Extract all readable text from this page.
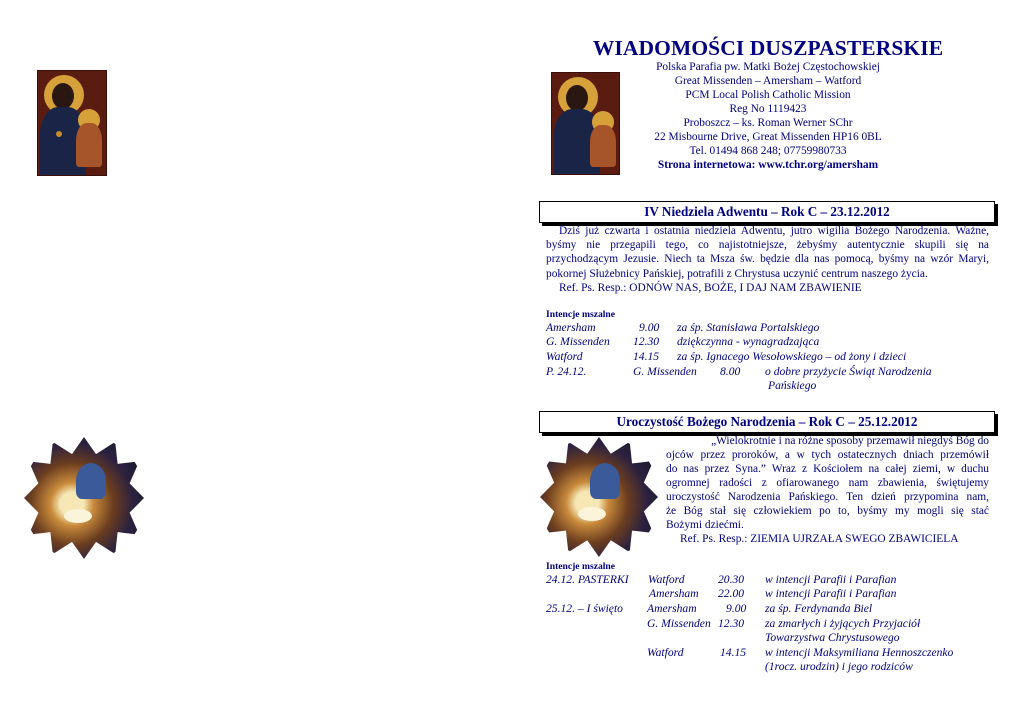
WIADOMOŚCI DUSZPASTERSKIE
Polska Parafia pw. Matki Bożej Częstochowskiej
Great Missenden – Amersham – Watford
PCM Local Polish Catholic Mission
Reg No 1119423
Proboszcz – ks. Roman Werner SChr
22 Misbourne Drive, Great Missenden HP16 0BL
Tel. 01494 868 248; 07759980733
Strona internetowa: www.tchr.org/amersham
IV Niedziela Adwentu – Rok C – 23.12.2012
Dziś już czwarta i ostatnia niedziela Adwentu, jutro wigilia Bożego Narodzenia. Ważne, byśmy nie przegapili tego, co najistotniejsze, żebyśmy autentycznie skupili się na przychodzącym Jezusie. Niech ta Msza św. będzie dla nas pomocą, byśmy na wzór Maryi, pokornej Służebnicy Pańskiej, potrafili z Chrystusa uczynić centrum naszego życia.
Ref. Ps. Resp.: ODNÓW NAS, BOŻE, I DAJ NAM ZBAWIENIE
Intencje mszalne
Amersham	9.00 za śp. Stanisława Portalskiego
G. Missenden 12.30 dziękczynna - wynagradzająca
Watford	14.15 za śp. Ignacego Wesołowskiego – od żony i dzieci
P. 24.12.	G. Missenden 8.00 o dobre przyżycie Świąt Narodzenia
Pańskiego
Uroczystość Bożego Narodzenia – Rok C – 25.12.2012
„Wielokrotnie i na różne sposoby przemawił niegdyś Bóg do
ojców przez proroków, a w tych ostatecznych dniach przemówił
do nas przez Syna.” Wraz z Kościołem na całej ziemi, w duchu
ogromnej radości z ofiarowanego nam zbawienia, świętujemy
uroczystość Narodzenia Pańskiego. Ten dzień przypomina nam,
że Bóg stał się człowiekiem po to, byśmy my mogli się stać
Bożymi dziećmi.
Ref. Ps. Resp.: ZIEMIA UJRZAŁA SWEGO ZBAWICIELA
Intencje mszalne
24.12. PASTERKI Watford	20.30 w intencji Parafii i Parafian
Amersham 22.00 w intencji Parafii i Parafian
25.12. – I święto Amersham	9.00 za śp. Ferdynanda Biel
G. Missenden 12.30 za zmarłych i żyjących Przyjaciół
Towarzystwa Chrystusowego
Watford	14.15 w intencji Maksymiliana Hennoszczenko
(1rocz. urodzin) i jego rodziców
